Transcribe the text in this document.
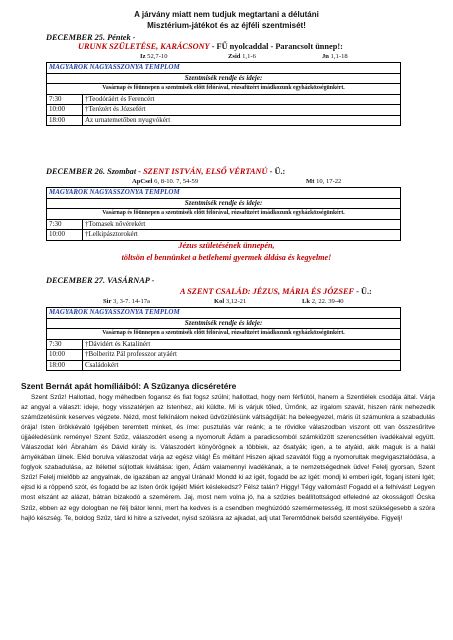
A járvány miatt nem tudjuk megtartani a délutáni
Misztérium-játékot és az éjféli szentmisét!
DECEMBER 25. Péntek -
URUNK SZÜLETÉSE, KARÁCSONY - FŰ nyolcaddal - Parancsolt ünnep!:
Iz 52,7-10	Zsid 1,1-6	Jn 1,1-18
MAGYAROK NAGYASSZONYA TEMPLOM	
Szentmisék rendje és ideje:	
Vasárnap és főünnepen a szentmisék előtt félórával, rózsafüzért imádkozunk egyházközségünkért.	
7:30	†Teodóráért és Ferencért
10:00	†Terézért és Józsefért
18:00	Az urnatemetőben nyugvókért
Jézus születésének ünnepén,
töltsön el bennünket a betlehemi gyermek áldása és kegyelme!
DECEMBER 26. Szombat - SZENT ISTVÁN, ELSŐ VÉRTANÚ - Ü.:
ApCsel 6, 8-10. 7, 54-59	Mt 10, 17-22
MAGYAROK NAGYASSZONYA TEMPLOM	
Szentmisék rendje és ideje:	
Vasárnap és főünnepen a szentmisék előtt félórával, rózsafüzért imádkozunk egyházközségünkért.	
7:30	†Tomasek nővérekért
10:00	†Lelkipásztorokért
DECEMBER 27. VASÁRNAP -
A SZENT CSALÁD: JÉZUS, MÁRIA ÉS JÓZSEF - Ü.:
Sir 3, 3-7. 14-17a	Kol 3,12-21	Lk 2, 22. 39-40
MAGYAROK NAGYASSZONYA TEMPLOM	
Szentmisék rendje és ideje:	
Vasárnap és főünnepen a szentmisék előtt félórával, rózsafüzért imádkozunk egyházközségünkért.	
7:30	†Dávidért és Katalinért
10:00	†Bolberitz Pál professzor atyáért
18:00	Családokért
Szent Bernát apát homíliáiból: A Szűzanya dicséretére
Szent Szűz! Hallottad, hogy méhedben fogansz és fiat fogsz szülni; hallottad, hogy nem férfiútól, hanem a Szentlélek csodája által. Várja az angyal a választ: ideje, hogy visszatérjen az Istenhez, aki küldte. Mi is várjuk tőled, Úrnőnk, az irgalom szavát, hiszen ránk nehezedik száműzetésünk keserves végzete. Nézd, most felkínálom neked üdvözülésünk váltságdíját: ha beleegyezel, máris üt számunkra a szabadulás órája! Isten örökkévaló Igéjében teremtett minket, és íme: pusztulás vár reánk; a te rövidke válaszodban viszont ott van összesűrítve újjáéledésünk reménye! Szent Szűz, válaszodért eseng a nyomorult Ádám a paradicsomból számkiűzött szerencsétlen ivadékaival együtt. Válaszodat kéri Ábrahám és Dávid király is. Válaszodért könyörögnek a többiek, az ősatyák; igen, a te atyáid, akik maguk is a halál árnyékában ülnek. Eléd borulva válaszodat várja az egész világ! És méltán! Hiszen ajkad szavától függ a nyomorultak megvigasztalódása, a foglyok szabadulása, az ítélettel sújtottak kiváltása: igen, Ádám valamennyi ivadékának, a te nemzetségednek üdve! Felelj gyorsan, Szent Szűz! Felelj mielőbb az angyalnak, de igazában az angyal Urának! Mondd ki az igét, fogadd be az Igét: mondj ki emberi igét, foganj isteni Igét; ejtsd ki a röppenő szót, és fogadd be az Isten örök Igéjét! Miért késlekedsz? Félsz talán? Higgy! Tégy vallomást! Fogadd el a felhívást! Legyen most elszánt az alázat, bátran bizakodó a szemérem. Jaj, most nem volna jó, ha a szűzies beállítottságod elfeledné az okosságot! Ócska Szűz, ebben az egy dologban ne félj bátor lenni, mert ha kedves is a csendben meghúzódó szemérmetesség, itt most szükségesebb a szóra hajló készség. Te, boldog Szűz, tárd ki hitre a szívedet, nyisd szólásra az ajkadat, adj utat Teremtődnek belsőd szentélyébe. Figyelj!
